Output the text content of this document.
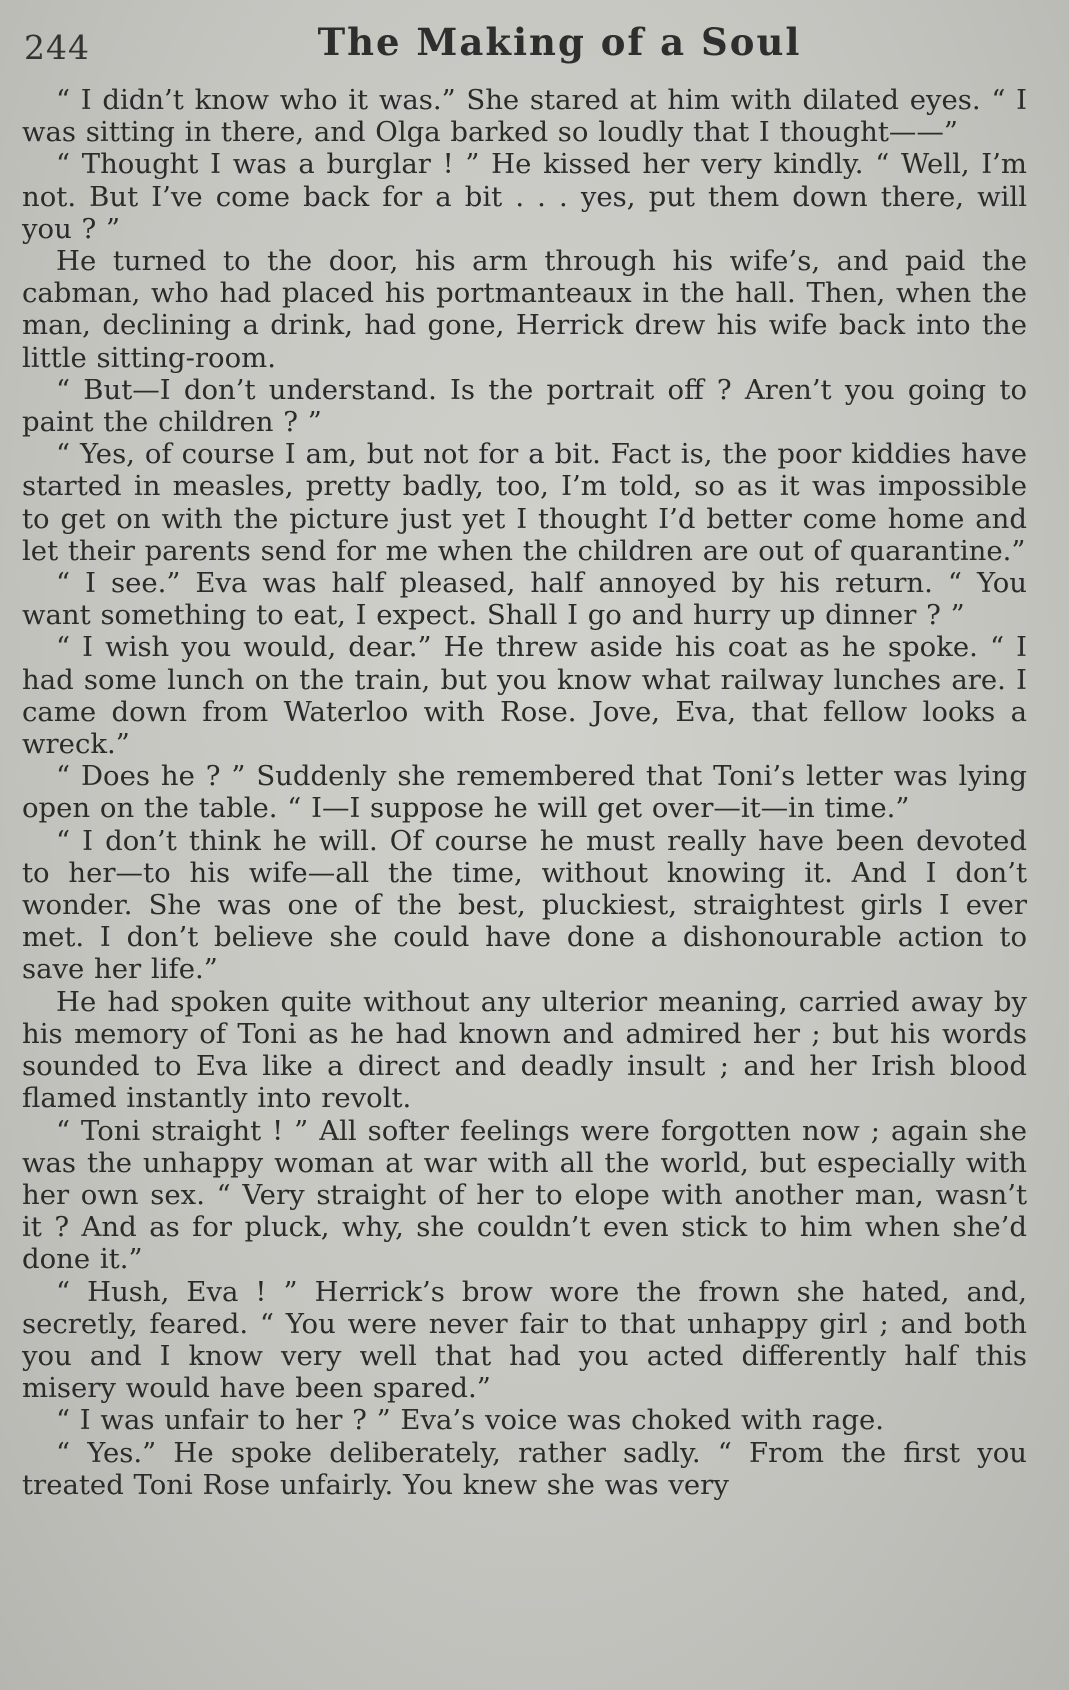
244	The Making of a Soul

“ I didn’t know who it was.” She stared at him with dilated eyes. “ I was sitting in there, and Olga barked so loudly that I thought——”

“ Thought I was a burglar ! ” He kissed her very kindly. “ Well, I’m not. But I’ve come back for a bit . . . yes, put them down there, will you ? ”

He turned to the door, his arm through his wife’s, and paid the cabman, who had placed his portmanteaux in the hall. Then, when the man, declining a drink, had gone, Herrick drew his wife back into the little sitting-room.

“ But—I don’t understand. Is the portrait off ? Aren’t you going to paint the children ? ”

“ Yes, of course I am, but not for a bit. Fact is, the poor kiddies have started in measles, pretty badly, too, I’m told, so as it was impossible to get on with the picture just yet I thought I’d better come home and let their parents send for me when the children are out of quarantine.”

“ I see.” Eva was half pleased, half annoyed by his return. “ You want something to eat, I expect. Shall I go and hurry up dinner ? ”

“ I wish you would, dear.” He threw aside his coat as he spoke. “ I had some lunch on the train, but you know what railway lunches are. I came down from Waterloo with Rose. Jove, Eva, that fellow looks a wreck.”

“ Does he ? ” Suddenly she remembered that Toni’s letter was lying open on the table. “ I—I suppose he will get over—it—in time.”

“ I don’t think he will. Of course he must really have been devoted to her—to his wife—all the time, without knowing it. And I don’t wonder. She was one of the best, pluckiest, straightest girls I ever met. I don’t believe she could have done a dishonourable action to save her life.”

He had spoken quite without any ulterior meaning, carried away by his memory of Toni as he had known and admired her ; but his words sounded to Eva like a direct and deadly insult ; and her Irish blood flamed instantly into revolt.

“ Toni straight ! ” All softer feelings were forgotten now ; again she was the unhappy woman at war with all the world, but especially with her own sex. “ Very straight of her to elope with another man, wasn’t it ? And as for pluck, why, she couldn’t even stick to him when she’d done it.”

“ Hush, Eva ! ” Herrick’s brow wore the frown she hated, and, secretly, feared. “ You were never fair to that unhappy girl ; and both you and I know very well that had you acted differently half this misery would have been spared.”

“ I was unfair to her ? ” Eva’s voice was choked with rage.

“ Yes.” He spoke deliberately, rather sadly. “ From the first you treated Toni Rose unfairly. You knew she was very
